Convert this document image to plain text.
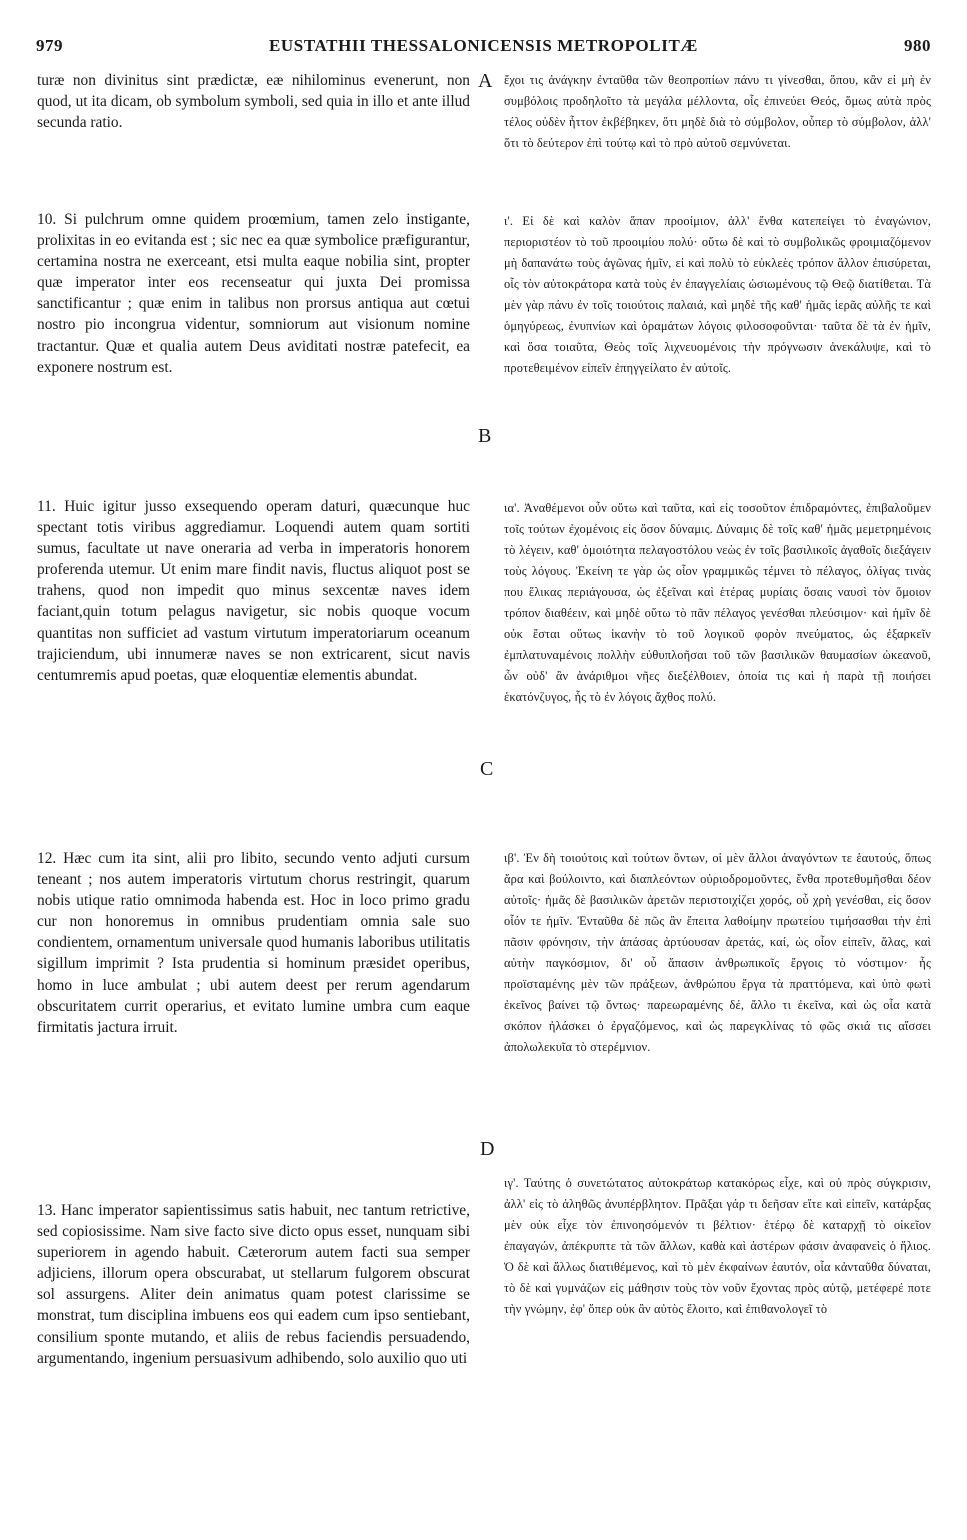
979	EUSTATHII THESSALONICENSIS METROPOLITÆ	980

turæ non divinitus sint prædictæ, eæ nihilominus evenerunt, non quod, ut ita dicam, ob symbolum symboli, sed quia in illo et ante illud secunda ratio.

10. Si pulchrum omne quidem proœmium, tamen zelo instigante, prolixitas in eo evitanda est ; sic nec ea quæ symbolice præfigurantur, certamina nostra ne exerceant, etsi multa eaque nobilia sint, propter quæ imperator inter eos recenseatur qui juxta Dei promissa sanctificantur ; quæ enim in talibus non prorsus antiqua aut cœtui nostro pio incongrua videntur, somniorum aut visionum nomine tractantur. Quæ et qualia autem Deus aviditati nostræ patefecit, ea exponere nostrum est.

11. Huic igitur jusso exsequendo operam daturi, quæcunque huc spectant totis viribus aggrediamur. Loquendi autem quam sortiti sumus, facultate ut nave oneraria ad verba in imperatoris honorem proferenda utemur. Ut enim mare findit navis, fluctus aliquot post se trahens, quod non impedit quo minus sexcentæ naves idem faciant,quin totum pelagus navigetur, sic nobis quoque vocum quantitas non sufficiet ad vastum virtutum imperatoriarum oceanum trajiciendum, ubi innumeræ naves se non extricarent, sicut navis centumremis apud poetas, quæ eloquentiæ elementis abundat.

12. Hæc cum ita sint, alii pro libito, secundo vento adjuti cursum teneant ; nos autem imperatoris virtutum chorus restringit, quarum nobis utique ratio omnimoda habenda est. Hoc in loco primo gradu cur non honoremus in omnibus prudentiam omnia sale suo condientem, ornamentum universale quod humanis laboribus utilitatis sigillum imprimit ? Ista prudentia si hominum præsidet operibus, homo in luce ambulat ; ubi autem deest per rerum agendarum obscuritatem currit operarius, et evitato lumine umbra cum eaque firmitatis jactura irruit.

13. Hanc imperator sapientissimus satis habuit, nec tantum retrictive, sed copiosissime. Nam sive facto sive dicto opus esset, nunquam sibi superiorem in agendo habuit. Cæterorum autem facti sua semper adjiciens, illorum opera obscurabat, ut stellarum fulgorem obscurat sol assurgens. Aliter dein animatus quam potest clarissime se monstrat, tum disciplina imbuens eos qui eadem cum ipso sentiebant, consilium sponte mutando, et aliis de rebus faciendis persuadendo, argumentando, ingenium persuasivum adhibendo, solo auxilio quo uti

A
B
C
D

ἔχοι τις ἀνάγκην ἐνταῦθα τῶν θεοπροπίων πάνυ τι γίνεσθαι, ὅπου, κἂν εἰ μὴ ἐν συμβόλοις προδηλοῖτο τὰ μεγάλα μέλλοντα, οἷς ἐπινεύει Θεός, ὅμως αὐτὰ πρὸς τέλος οὐδὲν ἧττον ἐκβέβηκεν, ὅτι μηδὲ διὰ τὸ σύμβολον, οὗπερ τὸ σύμβολον, ἀλλ' ὅτι τὸ δεύτερον ἐπὶ τούτῳ καὶ τὸ πρὸ αὐτοῦ σεμνύνεται.

ι'. Εἰ δὲ καὶ καλὸν ἅπαν προοίμιον, ἀλλ' ἔνθα κατεπείγει τὸ ἐναγώνιον, περιοριστέον τὸ τοῦ προοιμίου πολύ· οὕτω δὲ καὶ τὸ συμβολικῶς φροιμιαζόμενον μὴ δαπανάτω τοὺς ἀγῶνας ἡμῖν, εἰ καὶ πολὺ τὸ εὐκλεὲς τρόπον ἄλλον ἐπισύρεται, οἷς τὸν αὐτοκράτορα κατὰ τοὺς ἐν ἐπαγγελίαις ὡσιωμένους τῷ Θεῷ διατίθεται. Τὰ μὲν γὰρ πάνυ ἐν τοῖς τοιούτοις παλαιά, καὶ μηδὲ τῆς καθ' ἡμᾶς ἱερᾶς αὐλῆς τε καὶ ὁμηγύρεως, ἐνυπνίων καὶ ὁραμάτων λόγοις φιλοσοφοῦνται· ταῦτα δὲ τὰ ἐν ἡμῖν, καὶ ὅσα τοιαῦτα, Θεὸς τοῖς λιχνευομένοις τὴν πρόγνωσιν ἀνεκάλυψε, καὶ τὸ προτεθειμένον εἰπεῖν ἐπηγγείλατο ἐν αὐτοῖς.

ια'. Ἀναθέμενοι οὖν οὕτω καὶ ταῦτα, καὶ εἰς τοσοῦτον ἐπιδραμόντες, ἐπιβαλοῦμεν τοῖς τούτων ἐχομένοις εἰς ὅσον δύναμις. Δύναμις δὲ τοῖς καθ' ἡμᾶς μεμετρημένοις τὸ λέγειν, καθ' ὁμοιότητα πελαγοστόλου νεὼς ἐν τοῖς βασιλικοῖς ἀγαθοῖς διεξάγειν τοὺς λόγους. Ἐκείνη τε γὰρ ὡς οἷον γραμμικῶς τέμνει τὸ πέλαγος, ὀλίγας τινὰς που ἕλικας περιάγουσα, ὡς ἐξεῖναι καὶ ἑτέρας μυρίαις ὅσαις ναυσὶ τὸν ὅμοιον τρόπον διαθέειν, καὶ μηδὲ οὕτω τὸ πᾶν πέλαγος γενέσθαι πλεύσιμον· καὶ ἡμῖν δὲ οὐκ ἔσται οὕτως ἱκανὴν τὸ τοῦ λογικοῦ φορὸν πνεύματος, ὡς ἐξαρκεῖν ἐμπλατυναμένοις πολλὴν εὐθυπλοῆσαι τοῦ τῶν βασιλικῶν θαυμασίων ὠκεανοῦ, ὧν οὐδ' ἂν ἀνάριθμοι νῆες διεξέλθοιεν, ὁποία τις καὶ ἡ παρὰ τῇ ποιήσει ἑκατόνζυγος, ἧς τὸ ἐν λόγοις ἄχθος πολύ.

ιβ'. Ἐν δὴ τοιούτοις καὶ τούτων ὄντων, οἱ μὲν ἄλλοι ἀναγόντων τε ἑαυτούς, ὅπως ἄρα καὶ βούλοιντο, καὶ διαπλεόντων οὐριοδρομοῦντες, ἔνθα προτεθυμῆσθαι δέον αὐτοῖς· ἡμᾶς δὲ βασιλικῶν ἀρετῶν περιστοιχίζει χορός, οὗ χρὴ γενέσθαι, εἰς ὅσον οἷόν τε ἡμῖν. Ἐνταῦθα δὲ πῶς ἂν ἔπειτα λαθοίμην πρωτείου τιμήσασθαι τὴν ἐπὶ πᾶσιν φρόνησιν, τὴν ἁπάσας ἀρτύουσαν ἀρετάς, καί, ὡς οἷον εἰπεῖν, ἅλας, καὶ αὐτὴν παγκόσμιον, δι' οὗ ἅπασιν ἀνθρωπικοῖς ἔργοις τὸ νόστιμον· ἧς προϊσταμένης μὲν τῶν πράξεων, ἀνθρώπου ἔργα τὰ πραττόμενα, καὶ ὑπὸ φωτὶ ἐκεῖνος βαίνει τῷ ὄντως· παρεωραμένης δέ, ἄλλο τι ἐκεῖνα, καὶ ὡς οἷα κατὰ σκόπον ἠλάσκει ὁ ἐργαζόμενος, καὶ ὡς παρεγκλίνας τὸ φῶς σκιά τις αἴσσει ἀπολωλεκυῖα τὸ στερέμνιον.

ιγ'. Ταύτης ὁ συνετώτατος αὐτοκράτωρ κατακόρως εἶχε, καὶ οὐ πρὸς σύγκρισιν, ἀλλ' εἰς τὸ ἀληθῶς ἀνυπέρβλητον. Πρᾶξαι γάρ τι δεῆσαν εἴτε καὶ εἰπεῖν, κατάρξας μὲν οὐκ εἶχε τὸν ἐπινοησόμενόν τι βέλτιον· ἑτέρῳ δὲ καταρχῇ τὸ οἰκεῖον ἐπαγαγών, ἀπέκρυπτε τὰ τῶν ἄλλων, καθὰ καὶ ἀστέρων φάσιν ἀναφανεὶς ὁ ἥλιος. Ὁ δὲ καὶ ἄλλως διατιθέμενος, καὶ τὸ μὲν ἐκφαίνων ἑαυτόν, οἷα κἀνταῦθα δύναται, τὸ δὲ καὶ γυμνάζων εἰς μάθησιν τοὺς τὸν νοῦν ἔχοντας πρὸς αὐτῷ, μετέφερέ ποτε τὴν γνώμην, ἐφ' ὅπερ οὐκ ἂν αὐτὸς ἕλοιτο, καὶ ἐπιθανολογεῖ τὸ
